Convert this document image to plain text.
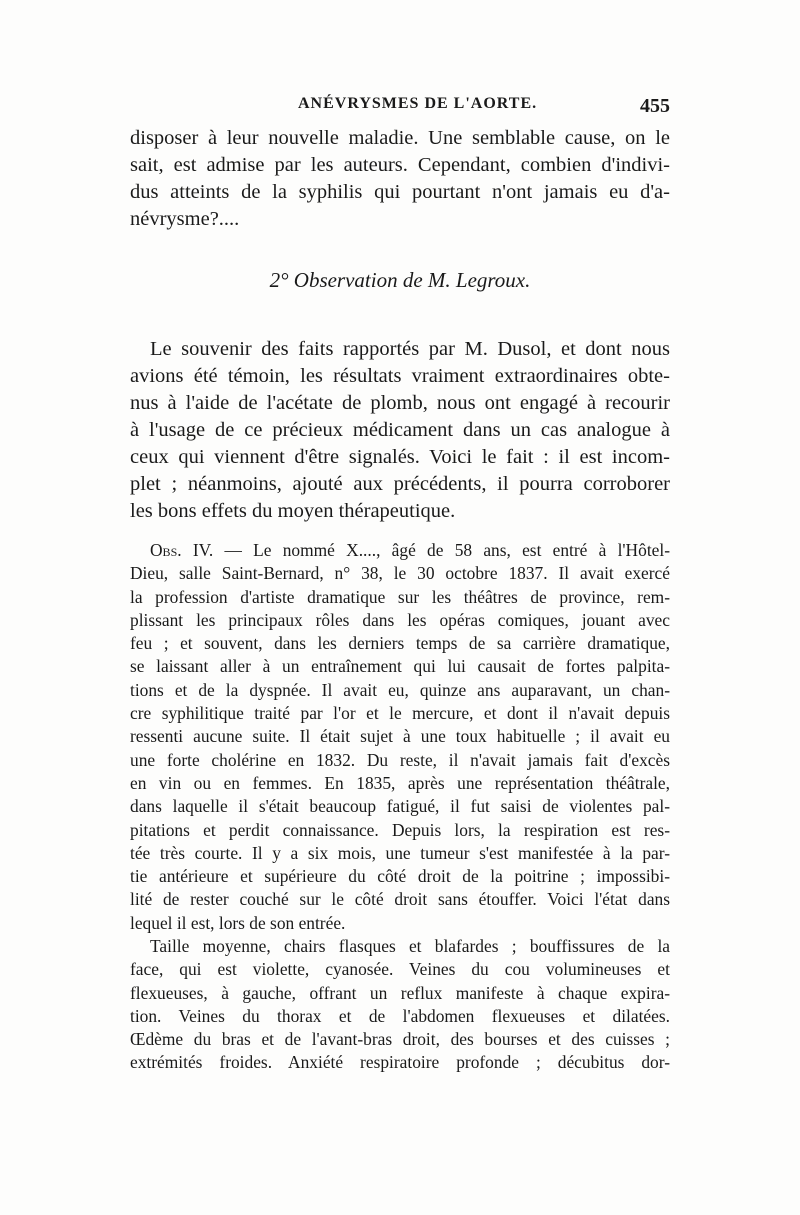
ANÉVRYSMES DE L'AORTE.	455
disposer à leur nouvelle maladie. Une semblable cause, on le
sait, est admise par les auteurs. Cependant, combien d'indivi-
dus atteints de la syphilis qui pourtant n'ont jamais eu d'a-
névrysme?....
2° Observation de M. Legroux.
Le souvenir des faits rapportés par M. Dusol, et dont nous
avions été témoin, les résultats vraiment extraordinaires obte-
nus à l'aide de l'acétate de plomb, nous ont engagé à recourir
à l'usage de ce précieux médicament dans un cas analogue à
ceux qui viennent d'être signalés. Voici le fait : il est incom-
plet ; néanmoins, ajouté aux précédents, il pourra corroborer
les bons effets du moyen thérapeutique.
Obs. IV. — Le nommé X...., âgé de 58 ans, est entré à l'Hôtel-
Dieu, salle Saint-Bernard, n° 38, le 30 octobre 1837. Il avait exercé
la profession d'artiste dramatique sur les théâtres de province, rem-
plissant les principaux rôles dans les opéras comiques, jouant avec
feu ; et souvent, dans les derniers temps de sa carrière dramatique,
se laissant aller à un entraînement qui lui causait de fortes palpita-
tions et de la dyspnée. Il avait eu, quinze ans auparavant, un chan-
cre syphilitique traité par l'or et le mercure, et dont il n'avait depuis
ressenti aucune suite. Il était sujet à une toux habituelle ; il avait eu
une forte cholérine en 1832. Du reste, il n'avait jamais fait d'excès
en vin ou en femmes. En 1835, après une représentation théâtrale,
dans laquelle il s'était beaucoup fatigué, il fut saisi de violentes pal-
pitations et perdit connaissance. Depuis lors, la respiration est res-
tée très courte. Il y a six mois, une tumeur s'est manifestée à la par-
tie antérieure et supérieure du côté droit de la poitrine ; impossibi-
lité de rester couché sur le côté droit sans étouffer. Voici l'état dans
lequel il est, lors de son entrée.
Taille moyenne, chairs flasques et blafardes ; bouffissures de la
face, qui est violette, cyanosée. Veines du cou volumineuses et
flexueuses, à gauche, offrant un reflux manifeste à chaque expira-
tion. Veines du thorax et de l'abdomen flexueuses et dilatées.
Œdème du bras et de l'avant-bras droit, des bourses et des cuisses ;
extrémités froides. Anxiété respiratoire profonde ; décubitus dor-
